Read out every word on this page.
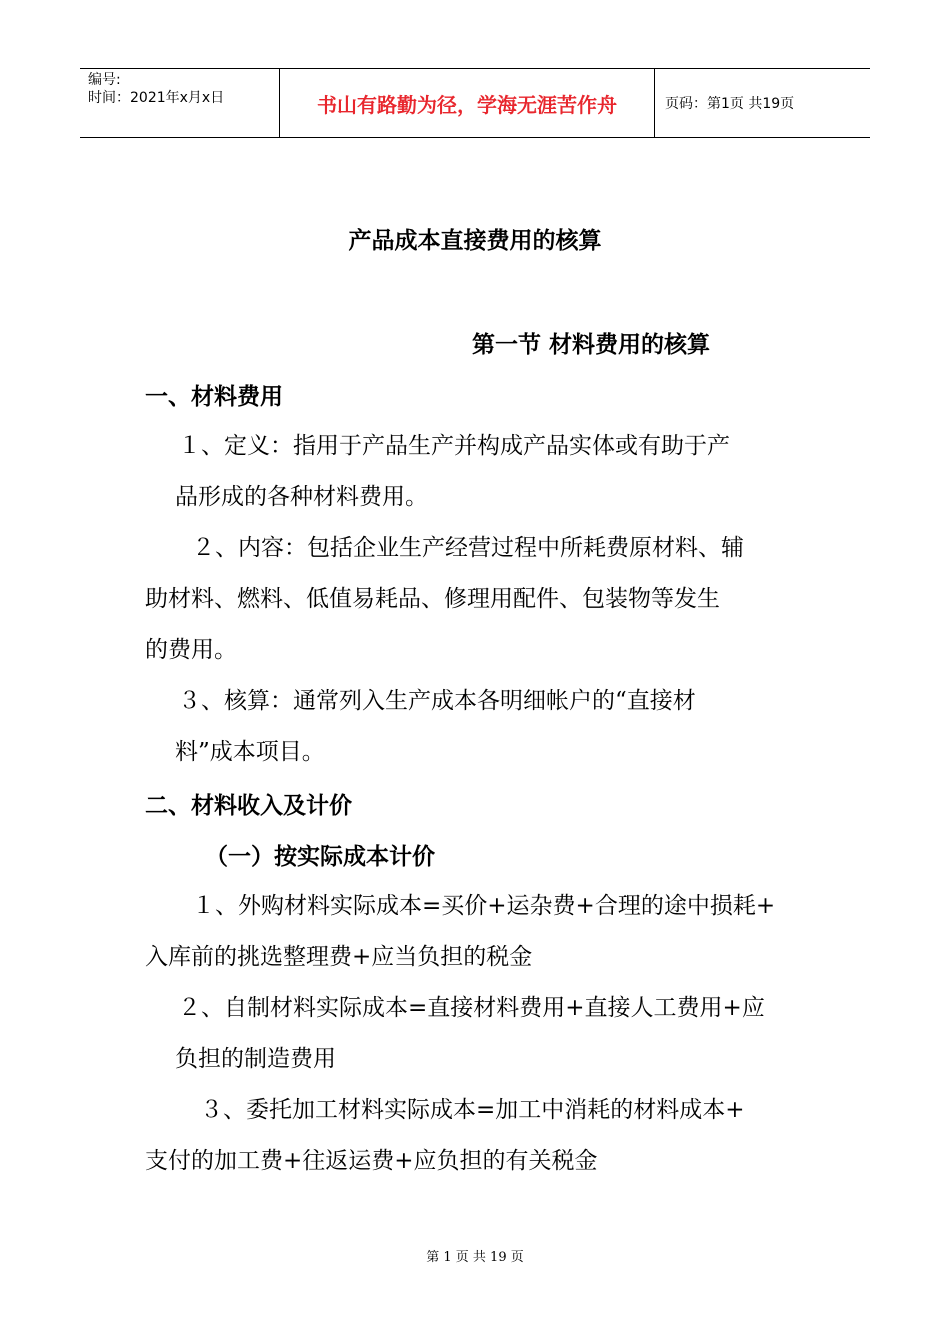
编号:
时间：2021年x月x日	书山有路勤为径，学海无涯苦作舟	页码：第1页 共19页
产品成本直接费用的核算
第一节 材料费用的核算
一、材料费用
１、定义：指用于产品生产并构成产品实体或有助于产
品形成的各种材料费用。
２、内容：包括企业生产经营过程中所耗费原材料、辅
助材料、燃料、低值易耗品、修理用配件、包装物等发生
的费用。
３、核算：通常列入生产成本各明细帐户的“直接材
料”成本项目。
二、材料收入及计价
（一）按实际成本计价
１、外购材料实际成本=买价+运杂费+合理的途中损耗+
入库前的挑选整理费+应当负担的税金
２、自制材料实际成本=直接材料费用+直接人工费用+应
负担的制造费用
３、委托加工材料实际成本=加工中消耗的材料成本+
支付的加工费+往返运费+应负担的有关税金
第 1 页 共 19 页
